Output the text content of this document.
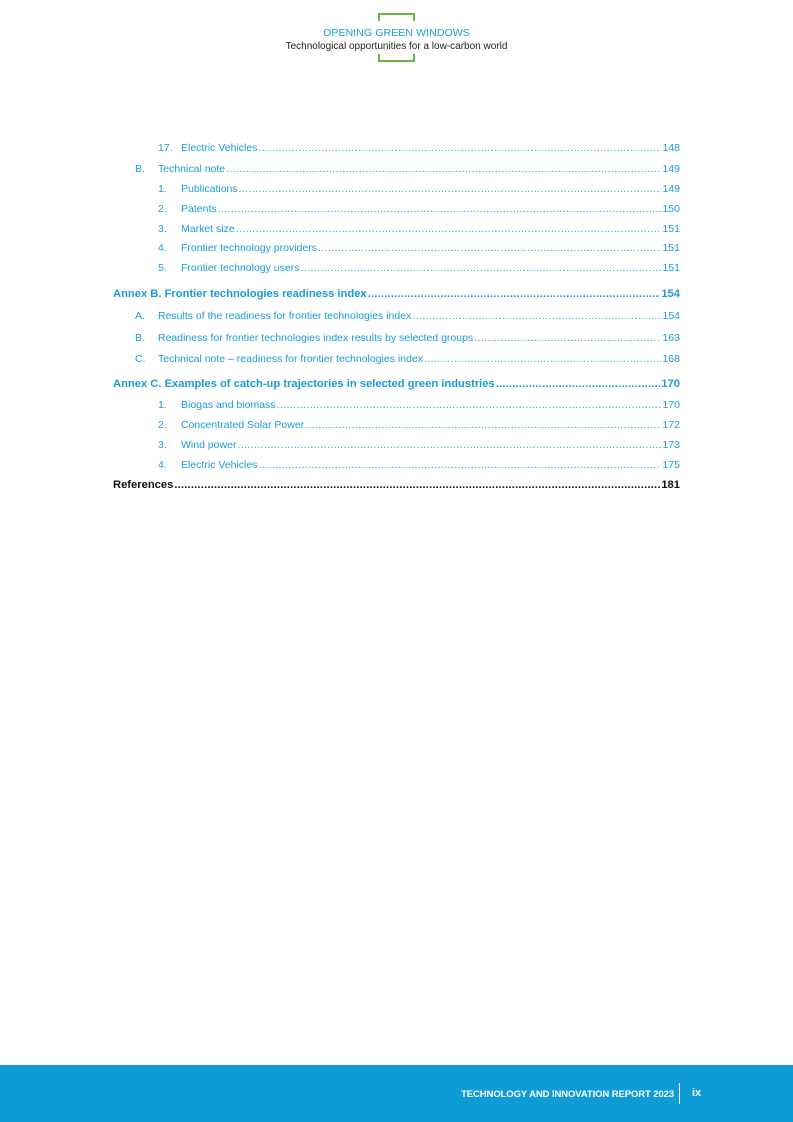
OPENING GREEN WINDOWS
Technological opportunities for a low-carbon world
17. Electric Vehicles .....	148
B.	Technical note .....	149
1.	Publications .....	149
2.	Patents .....	150
3.	Market size .....	151
4.	Frontier technology providers .....	151
5.	Frontier technology users .....	151
Annex B. Frontier technologies readiness index .....	154
A.	Results of the readiness for frontier technologies index .....	154
B.	Readiness for frontier technologies index results by selected groups .....	163
C.	Technical note – readiness for frontier technologies index .....	168
Annex C. Examples of catch-up trajectories in selected green industries .....	170
1.	Biogas and biomass .....	170
2.	Concentrated Solar Power .....	172
3.	Wind power .....	173
4.	Electric Vehicles .....	175
References .....	181
TECHNOLOGY AND INNOVATION REPORT 2023 ix
